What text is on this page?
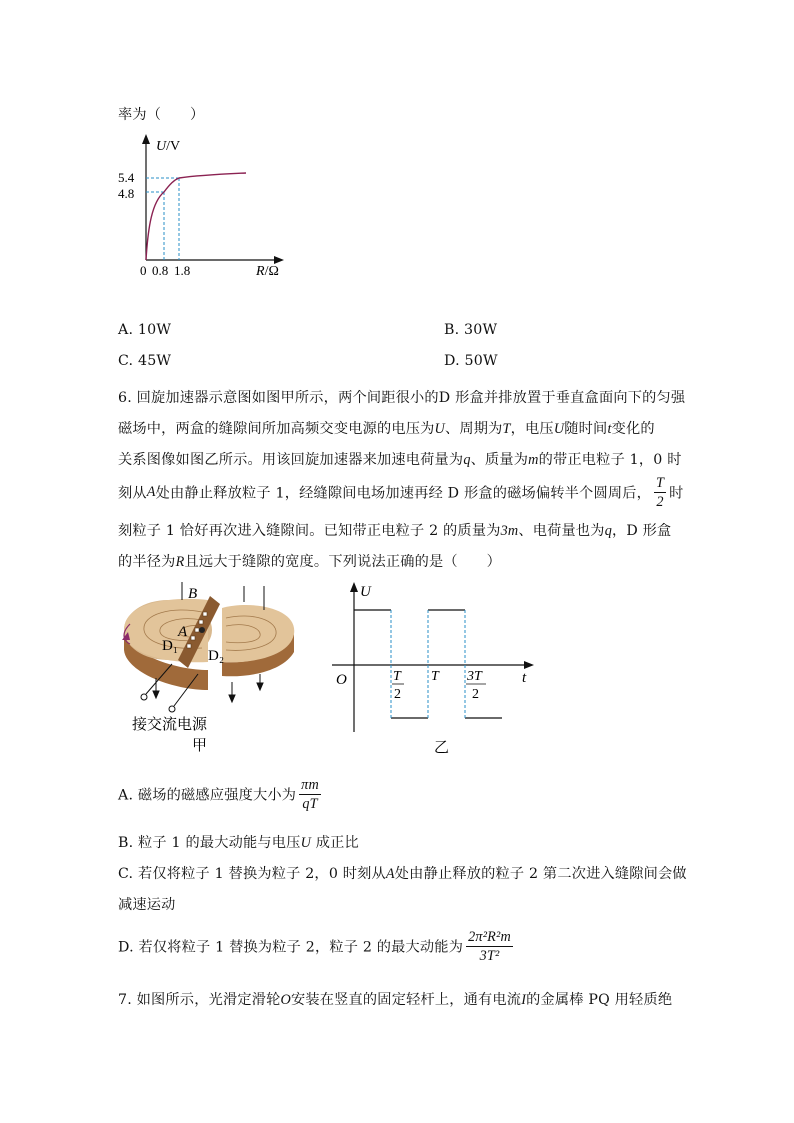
率为（　　）
U/V
R/Ω
5.4
4.8
0 0.8 1.8
A. 10W	B. 30W
C. 45W	D. 50W
6. 回旋加速器示意图如图甲所示，两个间距很小的D 形盒并排放置于垂直盒面向下的匀强
磁场中，两盒的缝隙间所加高频交变电源的电压为U、周期为T，电压U随时间t变化的
关系图像如图乙所示。用该回旋加速器来加速电荷量为q、质量为m的带正电粒子 1，0 时
刻从A处由静止释放粒子 1，经缝隙间电场加速再经 D 形盒的磁场偏转半个圆周后， $\frac{T}{2}$ 时
刻粒子 1 恰好再次进入缝隙间。已知带正电粒子 2 的质量为3m、电荷量也为q，D 形盒
的半径为R且远大于缝隙的宽度。下列说法正确的是（　　）
B
A
D₁
D₂
接交流电源
甲
U
t
O	T
2
T 3T
2
乙
A. 磁场的磁感应强度大小为 $\frac{\pi m}{qT}$
B. 粒子 1 的最大动能与电压U 成正比
C. 若仅将粒子 1 替换为粒子 2，0 时刻从A处由静止释放的粒子 2 第二次进入缝隙间会做
减速运动
D. 若仅将粒子 1 替换为粒子 2，粒子 2 的最大动能为 $\frac{\text{2π²R²m}}{\text{3T²}}$
7. 如图所示，光滑定滑轮O安装在竖直的固定轻杆上，通有电流I的金属棒 PQ 用轻质绝
